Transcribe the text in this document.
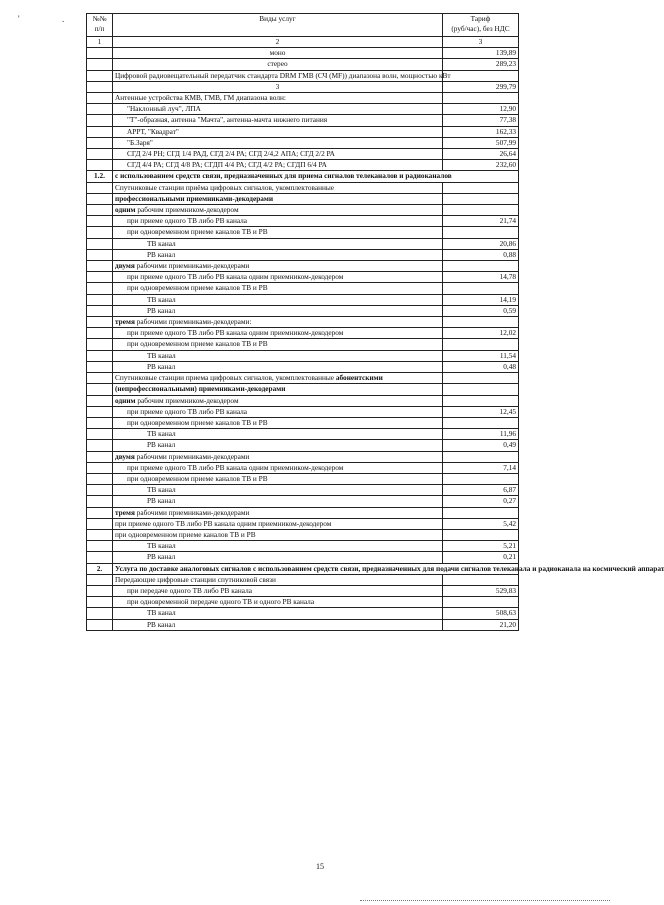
'	.	№№
п/п	Виды услуг	Тариф
(руб/час), без НДС
1	2	3
	моно	139,89
	стерео	289,23
	Цифровой радиовещательный передатчик стандарта DRM ГМВ (СЧ (MF)) диапазона волн, мощностью кВт	
	3	299,79
	Антенные устройства КМВ, ГМВ, ГМ диапазона волн:	
	"Наклонный луч", ЛПА	12,90
	"Т"-образная, антенна "Мачта", антенна-мачта нижнего питания	77,38
	АРРТ, "Квадрат"	162,33
	"Б.Заря"	507,99
	СГД 2/4 РН; СГД 1/4 РАД, СГД 2/4 РА; СГД 2/4,2 АПА; СГД 2/2 РА	26,64
	СГД 4/4 РА; СГД 4/8 РА; СГДП 4/4 РА; СГД 4/2 РА; СГДП 6/4 РА	232,60
1.2.	с использованием средств связи, предназначенных для приема сигналов телеканалов и радиоканалов	
	Спутниковые станции приёма цифровых сигналов, укомплектованные	
	профессиональными приемниками-декодерами	
	одним рабочим приемником-декодером	
	при приеме одного ТВ либо РВ канала	21,74
	при одновременном приеме каналов ТВ и РВ	
	ТВ канал	20,86
	РВ канал	0,88
	двумя рабочими приемниками-декодерами	
	при приеме одного ТВ либо РВ канала одним приемником-декодером	14,78
	при одновременном приеме каналов ТВ и РВ	
	ТВ канал	14,19
	РВ канал	0,59
	тремя рабочими приемниками-декодерами:	
	при приеме одного ТВ либо РВ канала одним приемником-декодером	12,02
	при одновременном приеме каналов ТВ и РВ	
	ТВ канал	11,54
	РВ канал	0,48
	Спутниковые станции приема цифровых сигналов, укомплектованные абонентскими	
	(непрофессиональными) приемниками-декодерами	
	одним рабочим приемником-декодером	
	при приеме одного ТВ либо РВ канала	12,45
	при одновременном приеме каналов ТВ и РВ	
	ТВ канал	11,96
	РВ канал	0,49
	двумя рабочими приемниками-декодерами	
	при приеме одного ТВ либо РВ канала одним приемником-декодером	7,14
	при одновременном приеме каналов ТВ и РВ	
	ТВ канал	6,87
	РВ канал	0,27
	тремя рабочими приемниками-декодерами	
	при приеме одного ТВ либо РВ канала одним приемником-декодером	5,42
	при одновременном приеме каналов ТВ и РВ	
	ТВ канал	5,21
	РВ канал	0,21
2.	Услуга по доставке аналоговых сигналов с использованием средств связи, предназначенных для подачи сигналов телеканала и радиоканала на космический аппарат	
	Передающие цифровые станции спутниковой связи	
	при передаче одного ТВ либо РВ канала	529,83
	при одновременной передаче одного ТВ и одного РВ канала	
	ТВ канал	508,63
	РВ канал	21,20
15
